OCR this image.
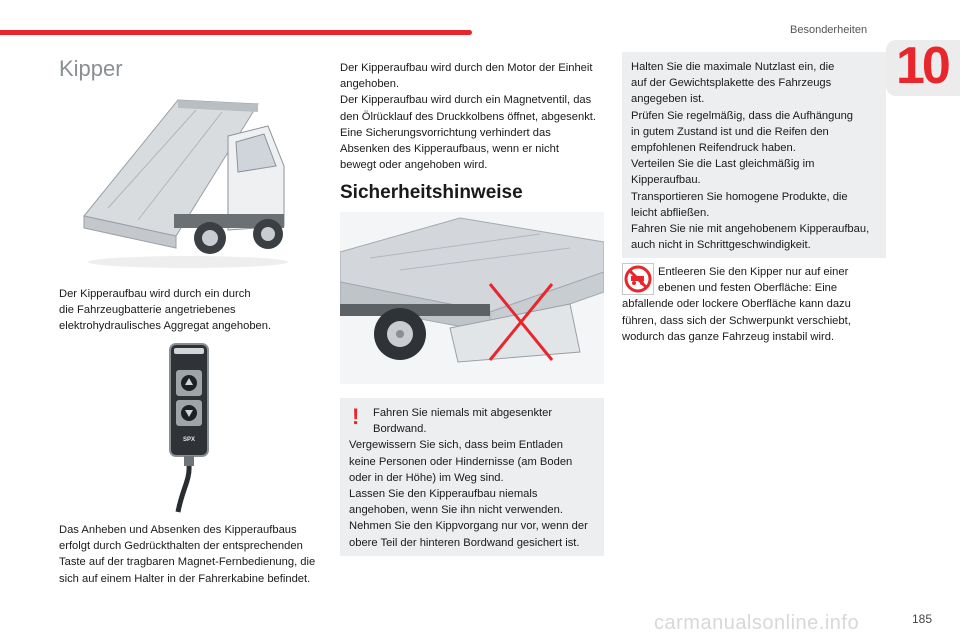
Besonderheiten
10
Kipper
Der Kipperaufbau wird durch ein durch
die Fahrzeugbatterie angetriebenes
elektrohydraulisches Aggregat angehoben.
SPX
Das Anheben und Absenken des Kipperaufbaus
erfolgt durch Gedrückthalten der entsprechenden
Taste auf der tragbaren Magnet-Fernbedienung, die
sich auf einem Halter in der Fahrerkabine befindet.
Der Kipperaufbau wird durch den Motor der Einheit
angehoben.
Der Kipperaufbau wird durch ein Magnetventil, das
den Ölrücklauf des Druckkolbens öffnet, abgesenkt.
Eine Sicherungsvorrichtung verhindert das
Absenken des Kipperaufbaus, wenn er nicht
bewegt oder angehoben wird.
Sicherheitshinweise
!	Fahren Sie niemals mit abgesenkter
Bordwand.
Vergewissern Sie sich, dass beim Entladen
keine Personen oder Hindernisse (am Boden
oder in der Höhe) im Weg sind.
Lassen Sie den Kipperaufbau niemals
angehoben, wenn Sie ihn nicht verwenden.
Nehmen Sie den Kippvorgang nur vor, wenn der
obere Teil der hinteren Bordwand gesichert ist.
Halten Sie die maximale Nutzlast ein, die
auf der Gewichtsplakette des Fahrzeugs
angegeben ist.
Prüfen Sie regelmäßig, dass die Aufhängung
in gutem Zustand ist und die Reifen den
empfohlenen Reifendruck haben.
Verteilen Sie die Last gleichmäßig im
Kipperaufbau.
Transportieren Sie homogene Produkte, die
leicht abfließen.
Fahren Sie nie mit angehobenem Kipperaufbau,
auch nicht in Schrittgeschwindigkeit.
Entleeren Sie den Kipper nur auf einer
ebenen und festen Oberfläche: Eine
abfallende oder lockere Oberfläche kann dazu
führen, dass sich der Schwerpunkt verschiebt,
wodurch das ganze Fahrzeug instabil wird.
carmanualsonline.info	185
